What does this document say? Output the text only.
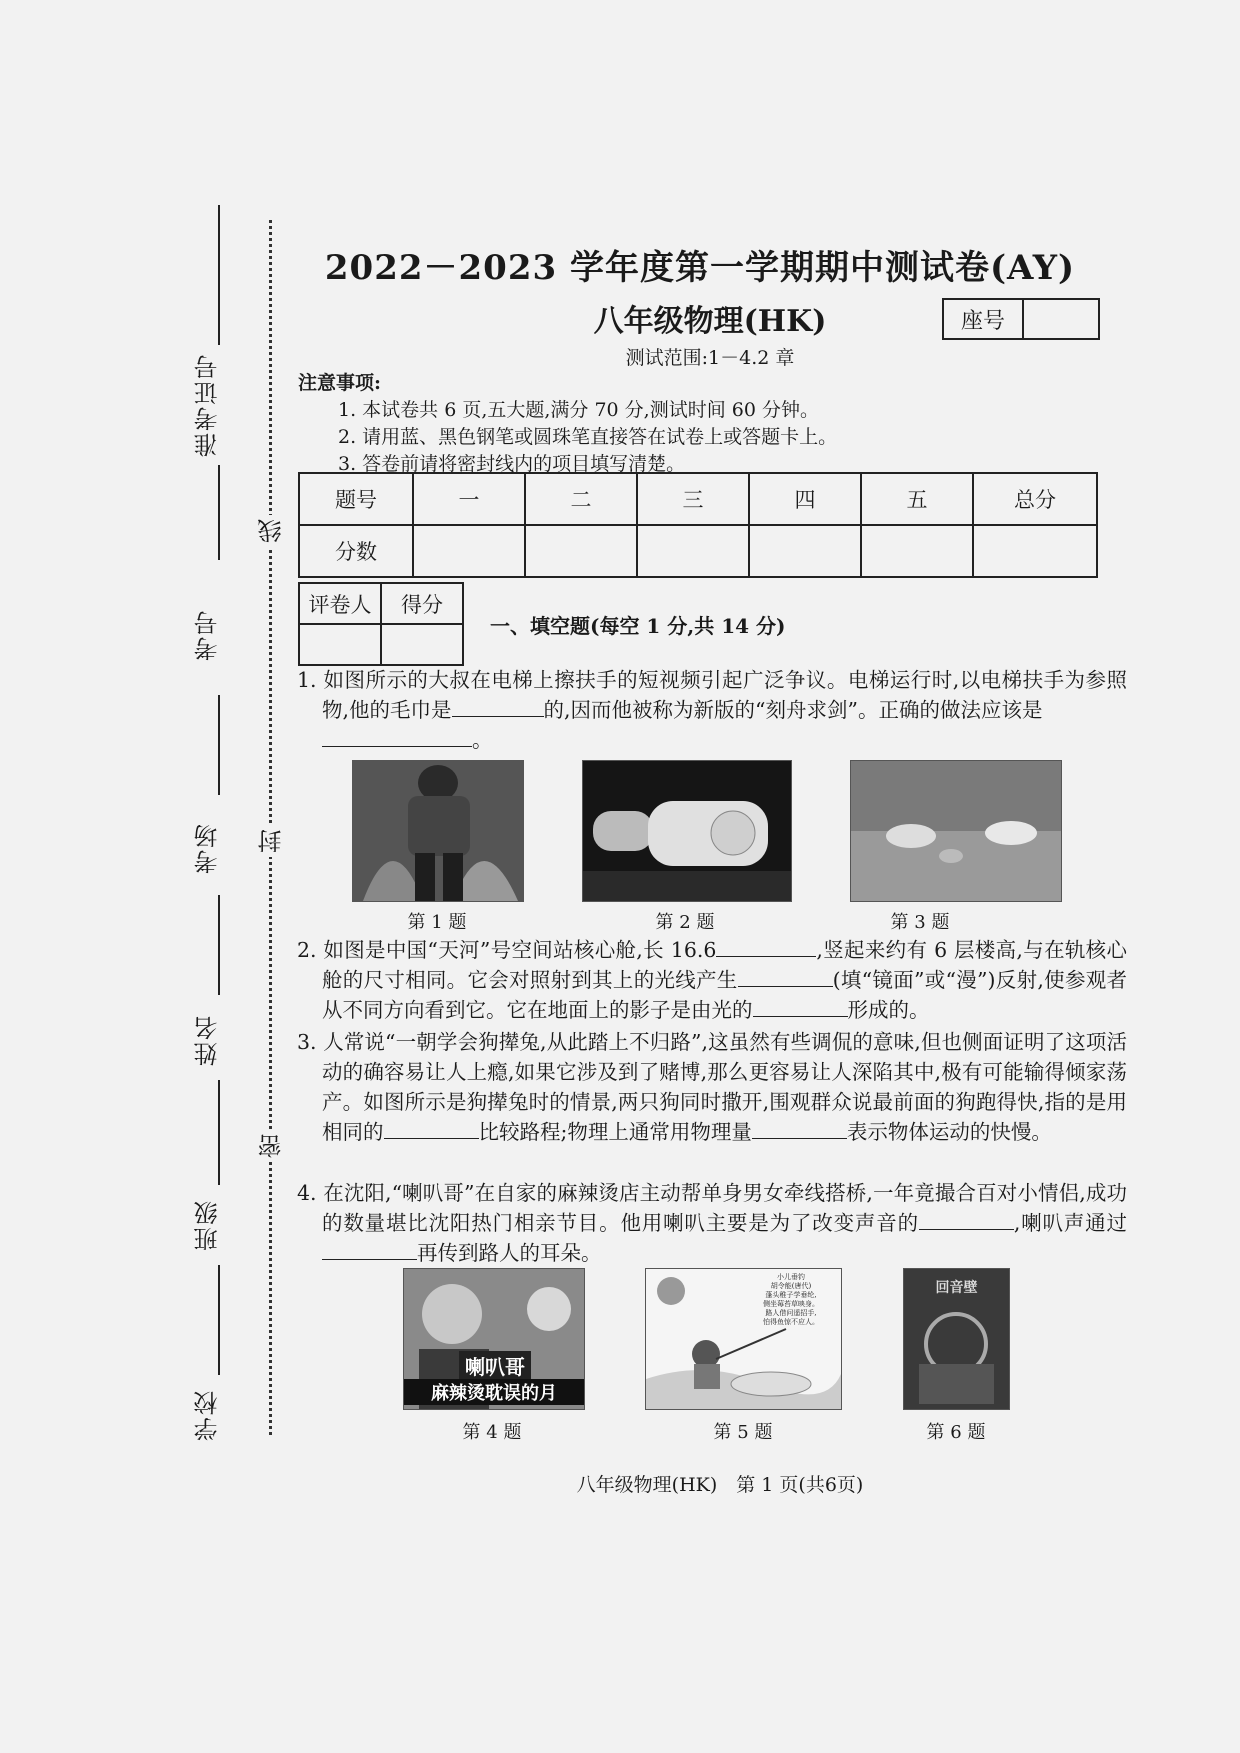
准考证号
考号
考场
姓名
班级
学校
线
封
密
2022－2023 学年度第一学期期中测试卷(AY)
八年级物理(HK)
测试范围:1－4.2 章
座号
注意事项:
1. 本试卷共 6 页,五大题,满分 70 分,测试时间 60 分钟。
2. 请用蓝、黑色钢笔或圆珠笔直接答在试卷上或答题卡上。
3. 答卷前请将密封线内的项目填写清楚。
题号	一	二	三	四	五	总分
分数						
评卷人	得分

一、填空题(每空 1 分,共 14 分)
1. 如图所示的大叔在电梯上擦扶手的短视频引起广泛争议。电梯运行时,以电梯扶手为参照物,他的毛巾是	的,因而他被称为新版的“刻舟求剑”。正确的做法应该是
。
第 1 题	第 2 题	第 3 题
2. 如图是中国“天河”号空间站核心舱,长 16.6	,竖起来约有 6 层楼高,与在轨核心舱的尺寸相同。它会对照射到其上的光线产生	(填“镜面”或“漫”)反射,使参观者从不同方向看到它。它在地面上的影子是由光的	形成的。
3. 人常说“一朝学会狗撵兔,从此踏上不归路”,这虽然有些调侃的意味,但也侧面证明了这项活动的确容易让人上瘾,如果它涉及到了赌博,那么更容易让人深陷其中,极有可能输得倾家荡产。如图所示是狗撵兔时的情景,两只狗同时撒开,围观群众说最前面的狗跑得快,指的是用相同的	比较路程;物理上通常用物理量	表示物体运动的快慢。
4. 在沈阳,“喇叭哥”在自家的麻辣烫店主动帮单身男女牵线搭桥,一年竟撮合百对小情侣,成功的数量堪比沈阳热门相亲节目。他用喇叭主要是为了改变声音的	,喇叭声通过再传到路人的耳朵。
喇叭哥
麻辣烫耽误的月
小儿垂钓
胡令能(唐代)
蓬头稚子学垂纶,
侧坐莓苔草映身。
路人借问遥招手,
怕得鱼惊不应人。
回音壁
第 4 题	第 5 题	第 6 题
八年级物理(HK)　第 1 页(共6页)
